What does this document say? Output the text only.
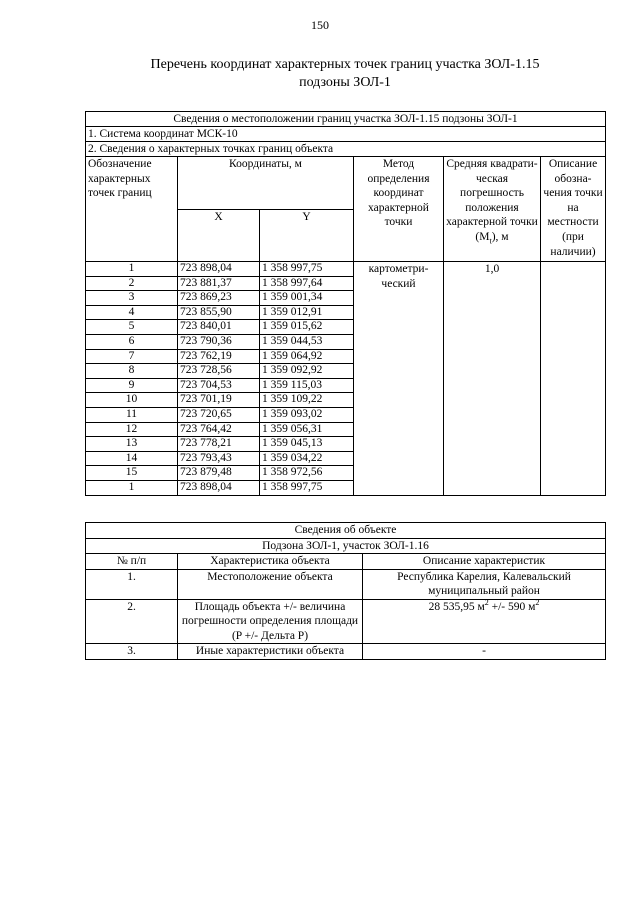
150
Перечень координат характерных точек границ участка ЗОЛ-1.15
подзоны ЗОЛ-1
Сведения о местоположении границ участка ЗОЛ-1.15 подзоны ЗОЛ-1					
1. Система координат МСК-10					
2. Сведения о характерных точках границ объекта					
Обозначение характерных точек границ	Координаты, м		Метод определения координат характерной точки	Средняя квадрати-ческая погрешность положения характерной точки $(M_t)$, м	Описание обозна-чения точки на местности (при наличии)
	X	Y			
1	723 898,04	1 358 997,75	картометри-ческий	1,0	
2	723 881,37	1 358 997,64			
3	723 869,23	1 359 001,34			
4	723 855,90	1 359 012,91			
5	723 840,01	1 359 015,62			
6	723 790,36	1 359 044,53			
7	723 762,19	1 359 064,92			
8	723 728,56	1 359 092,92			
9	723 704,53	1 359 115,03			
10	723 701,19	1 359 109,22			
11	723 720,65	1 359 093,02			
12	723 764,42	1 359 056,31			
13	723 778,21	1 359 045,13			
14	723 793,43	1 359 034,22			
15	723 879,48	1 358 972,56			
1	723 898,04	1 358 997,75			
Сведения об объекте		
Подзона ЗОЛ-1, участок ЗОЛ-1.16		
№ п/п	Характеристика объекта	Описание характеристик
1.	Местоположение объекта	Республика Карелия, Калевальский муниципальный район
2.	Площадь объекта +/- величина погрешности определения площади (P +/- Дельта P)	28 535,95 $м^2$ +/- 590 $м^2$
3.	Иные характеристики объекта	-
